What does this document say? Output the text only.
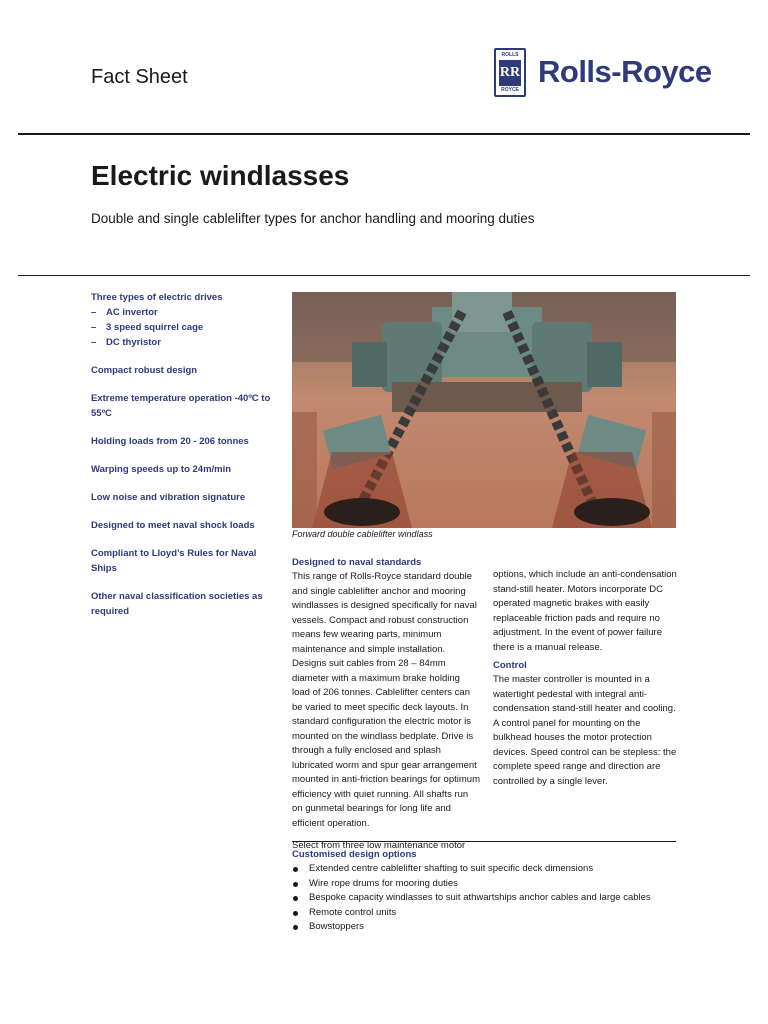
Fact Sheet
ROLLS
RR
ROYCE
Rolls-Royce
Electric windlasses

Double and single cablelifter types for anchor handling and mooring duties

Three types of electric drives
– AC invertor
– 3 speed squirrel cage
– DC thyristor
Compact robust design
Extreme temperature operation -40ºC to 55ºC
Holding loads from 20 - 206 tonnes
Warping speeds up to 24m/min
Low noise and vibration signature
Designed to meet naval shock loads
Compliant to Lloyd’s Rules for Naval Ships
Other naval classification societies as required
Forward double cablelifter windlass
Designed to naval standards

This range of Rolls-Royce standard double and single cablelifter anchor and mooring windlasses is designed specifically for naval vessels. Compact and robust construction means few wearing parts, minimum maintenance and simple installation. Designs suit cables from 28 – 84mm diameter with a maximum brake holding load of 206 tonnes. Cablelifter centers can be varied to meet specific deck layouts. In standard configuration the electric motor is mounted on the windlass bedplate. Drive is through a fully enclosed and splash lubricated worm and spur gear arrangement mounted in anti-friction bearings for optimum efficiency with quiet running. All shafts run on gunmetal bearings for long life and efficient operation.

options, which include an anti-condensation stand-still heater. Motors incorporate DC operated magnetic brakes with easily replaceable friction pads and require no adjustment. In the event of power failure there is a manual release.

Control

The master controller is mounted in a watertight pedestal with integral anti-condensation stand-still heater and cooling. A control panel for mounting on the bulkhead houses the motor protection devices. Speed control can be stepless: the complete speed range and direction are controlled by a single lever.

Select from three low maintenance motor
Customised design options
Extended centre cablelifter shafting to suit specific deck dimensions
Wire rope drums for mooring duties
Bespoke capacity windlasses to suit athwartships anchor cables and large cables
Remote control units
Bowstoppers
